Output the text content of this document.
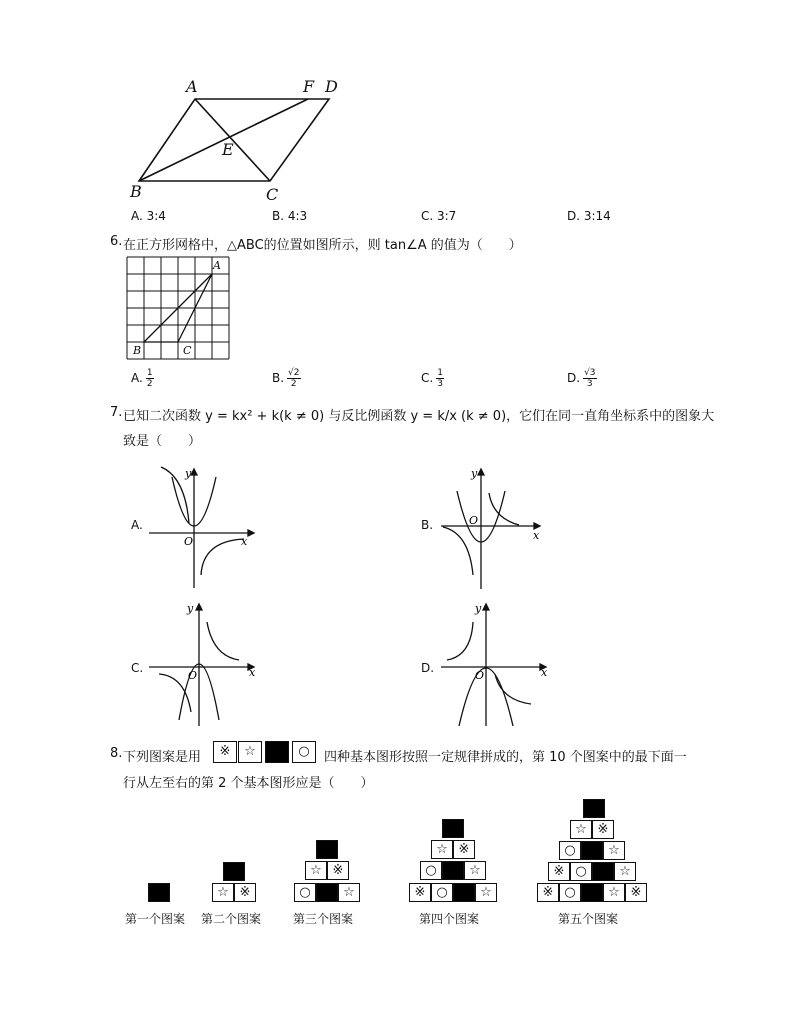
A	F D
E
B	C
A. 3:4	B. 4:3	C. 3:7	D. 3:14
6. 在正方形网格中，△ABC的位置如图所示，则 tan∠A 的值为（　　）
A
B	C
A. $\frac{1}{2}$	B. $\frac{√2}{2}$	C. $\frac{1}{3}$	D. $\frac{√3}{3}$
7. 已知二次函数 y = kx² + k(k ≠ 0) 与反比例函数 y = k/x (k ≠ 0)，它们在同一直角坐标系中的图象大
致是（　　）
A.
y
x
O
B.
y
x
O
C.
y
x
O
D.
y
x
O
8. 下列图案是用	※	☆	○	四种基本图形按照一定规律拼成的，第 10 个图案中的最下面一
行从左至右的第 2 个基本图形应是（　　）
☆ ※
☆ ※
○	☆
☆ ※
○	☆
※ ○	☆
☆ ※
○	☆
※ ○	☆
※ ○	☆ ※
第一个图案 第二个图案	第三个图案	第四个图案	第五个图案
